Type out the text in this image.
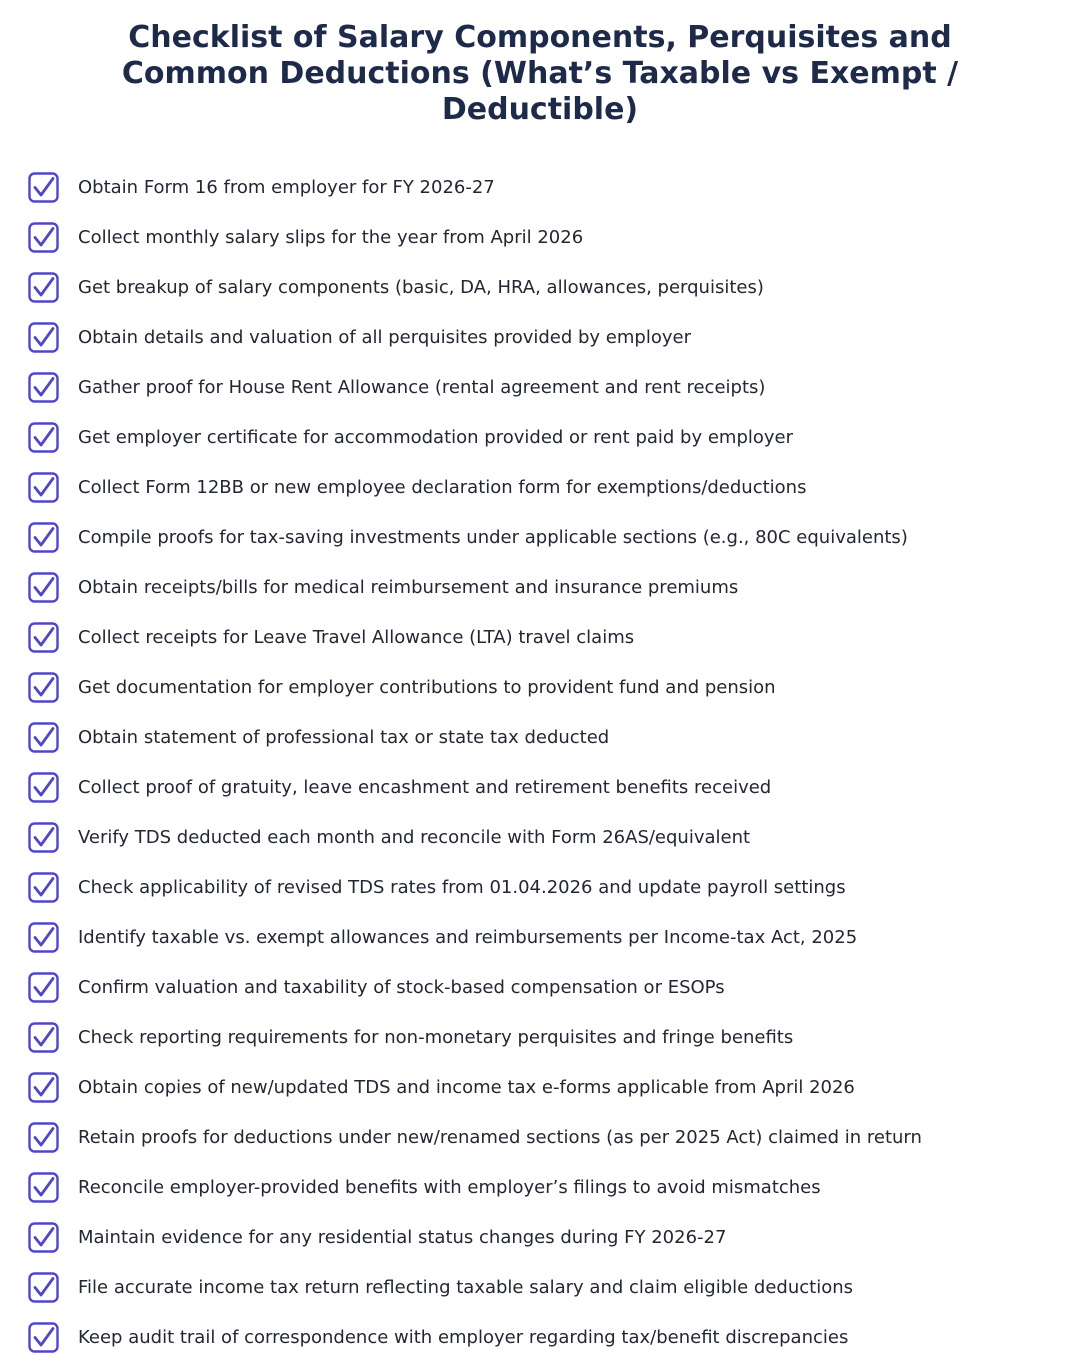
Checklist of Salary Components, Perquisites and
Common Deductions (What’s Taxable vs Exempt /
Deductible)
Obtain Form 16 from employer for FY 2026-27
Collect monthly salary slips for the year from April 2026
Get breakup of salary components (basic, DA, HRA, allowances, perquisites)
Obtain details and valuation of all perquisites provided by employer
Gather proof for House Rent Allowance (rental agreement and rent receipts)
Get employer certificate for accommodation provided or rent paid by employer
Collect Form 12BB or new employee declaration form for exemptions/deductions
Compile proofs for tax-saving investments under applicable sections (e.g., 80C equivalents)
Obtain receipts/bills for medical reimbursement and insurance premiums
Collect receipts for Leave Travel Allowance (LTA) travel claims
Get documentation for employer contributions to provident fund and pension
Obtain statement of professional tax or state tax deducted
Collect proof of gratuity, leave encashment and retirement benefits received
Verify TDS deducted each month and reconcile with Form 26AS/equivalent
Check applicability of revised TDS rates from 01.04.2026 and update payroll settings
Identify taxable vs. exempt allowances and reimbursements per Income-tax Act, 2025
Confirm valuation and taxability of stock-based compensation or ESOPs
Check reporting requirements for non-monetary perquisites and fringe benefits
Obtain copies of new/updated TDS and income tax e-forms applicable from April 2026
Retain proofs for deductions under new/renamed sections (as per 2025 Act) claimed in return
Reconcile employer-provided benefits with employer’s filings to avoid mismatches
Maintain evidence for any residential status changes during FY 2026-27
File accurate income tax return reflecting taxable salary and claim eligible deductions
Keep audit trail of correspondence with employer regarding tax/benefit discrepancies
